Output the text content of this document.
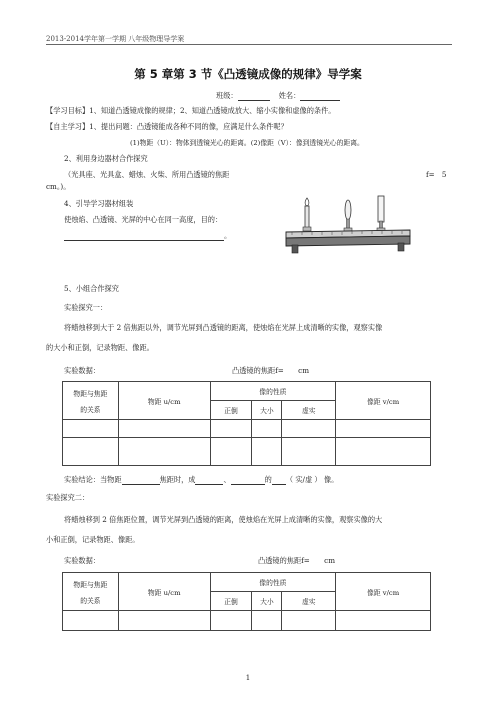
2013-2014学年第一学期 八年级物理导学案
第 5 章第 3 节《凸透镜成像的规律》导学案
班级：	姓名：
【学习目标】1、知道凸透镜成像的规律；2、知道凸透镜成放大、缩小实像和虚像的条件。
【自主学习】1、提出问题：凸透镜能成各种不同的像，应满足什么条件呢？
(1)物距（U）：物体到透镜光心的距离。(2)像距（V）：像到透镜光心的距离。
2、利用身边器材合作探究
（光具座、光具盒、蜡烛、火柴、所用凸透镜的焦距	f=　5
cm。)。
4、引导学习器材组装
使烛焰、凸透镜、光屏的中心在同一高度，目的：
。
5、小组合作探究
实验探究一：
将蜡烛移到大于 2 倍焦距以外，调节光屏到凸透镜的距离，使烛焰在光屏上成清晰的实像，观察实像
的大小和正倒，记录物距、像距。
实验数据：	凸透镜的焦距f=　　cm
物距与焦距
的关系	物距 u/cm	像的性质			像距 v/cm
		正倒	大小	虚实	

实验结论：当物距	焦距时，成	、	的 （ 实/虚 ） 像。
实验探究二：
将蜡烛移到 2 倍焦距位置，调节光屏到凸透镜的距离，使烛焰在光屏上成清晰的实像，观察实像的大
小和正倒，记录物距、像距。
实验数据：	凸透镜的焦距f=　　cm
物距与焦距
的关系	物距 u/cm	像的性质			像距 v/cm
		正倒	大小	虚实	

1
